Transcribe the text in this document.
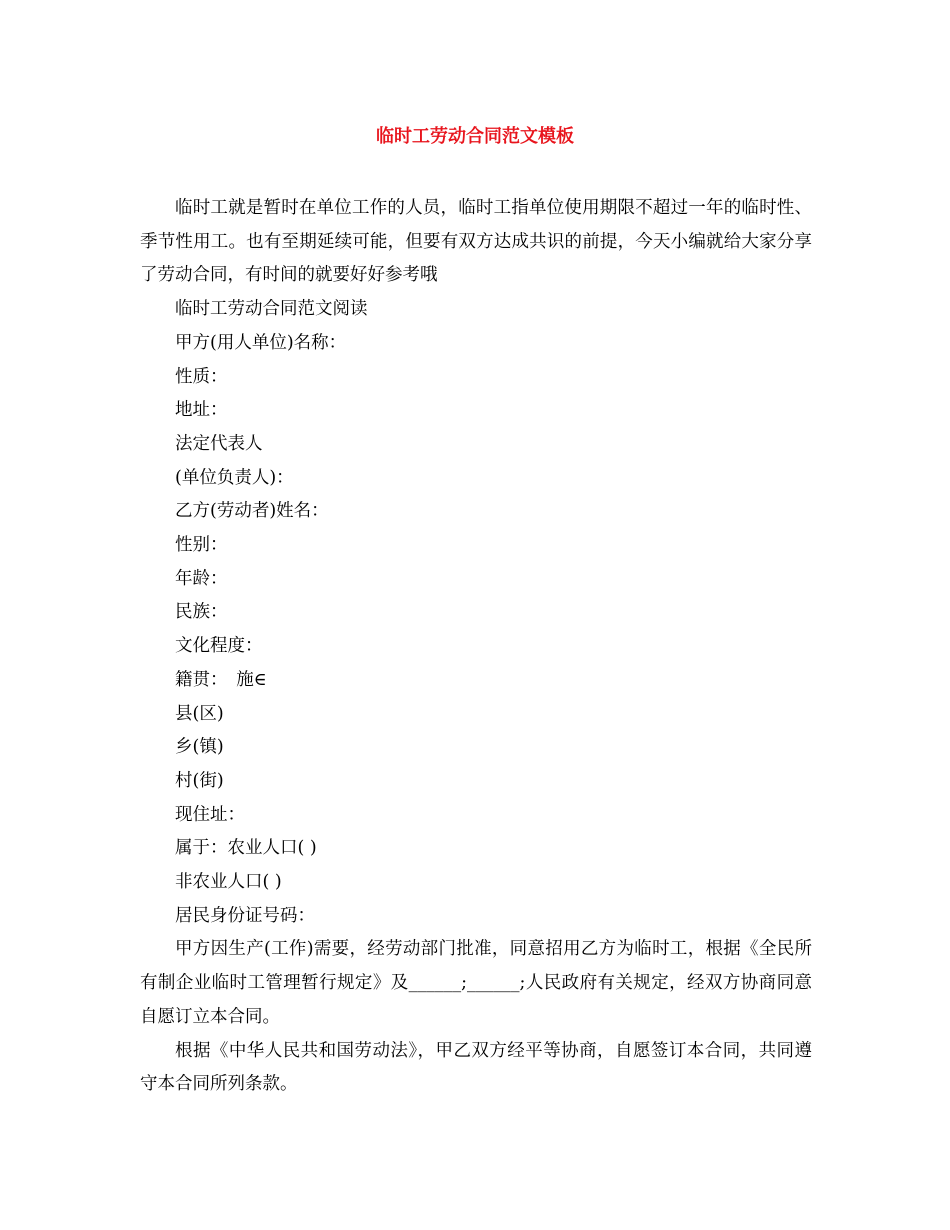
临时工劳动合同范文模板

临时工就是暂时在单位工作的人员，临时工指单位使用期限不超过一年的临时性、季节性用工。也有至期延续可能，但要有双方达成共识的前提，今天小编就给大家分享了劳动合同，有时间的就要好好参考哦

临时工劳动合同范文阅读

甲方(用人单位)名称：

性质：

地址：

法定代表人

(单位负责人)：

乙方(劳动者)姓名：

性别：

年龄：

民族：

文化程度：

籍贯：　施∈

县(区)

乡(镇)

村(街)

现住址：

属于：农业人口( )

非农业人口( )

居民身份证号码：

甲方因生产(工作)需要，经劳动部门批准，同意招用乙方为临时工，根据《全民所有制企业临时工管理暂行规定》及______;______;人民政府有关规定，经双方协商同意自愿订立本合同。

根据《中华人民共和国劳动法》，甲乙双方经平等协商，自愿签订本合同，共同遵守本合同所列条款。
